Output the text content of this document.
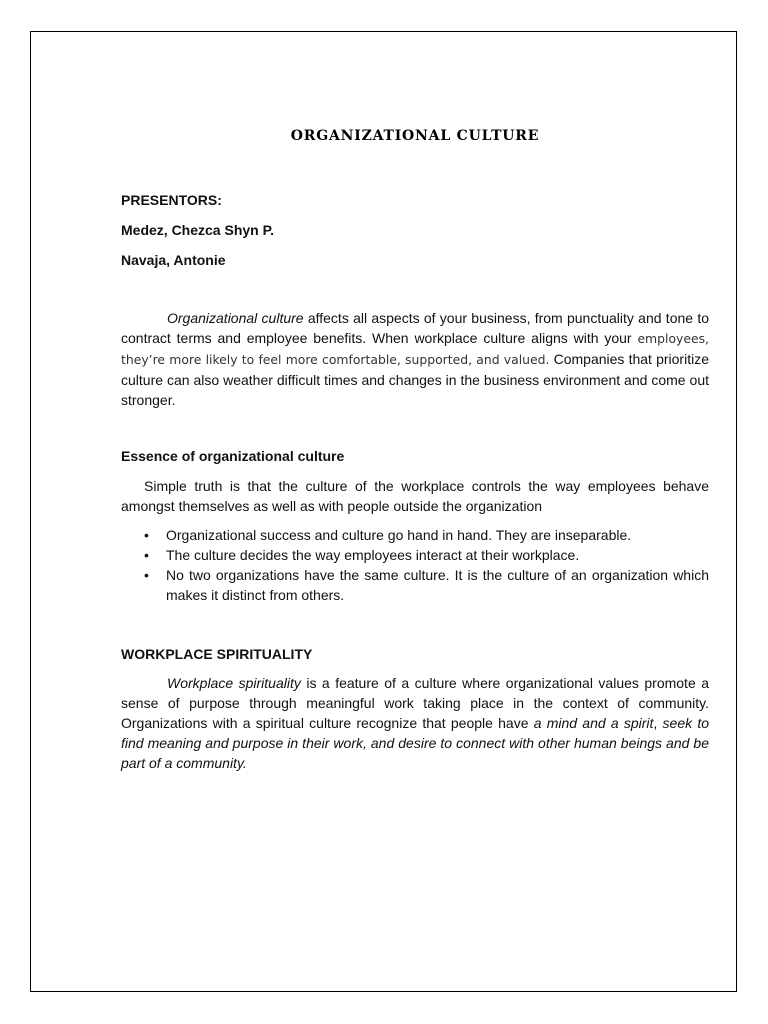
ORGANIZATIONAL CULTURE
PRESENTORS:
Medez, Chezca Shyn P.
Navaja, Antonie

Organizational culture affects all aspects of your business, from punctuality and tone to contract terms and employee benefits. When workplace culture aligns with your employees, they’re more likely to feel more comfortable, supported, and valued. Companies that prioritize culture can also weather difficult times and changes in the business environment and come out stronger.

Essence of organizational culture

Simple truth is that the culture of the workplace controls the way employees behave amongst themselves as well as with people outside the organization

• Organizational success and culture go hand in hand. They are inseparable.
• The culture decides the way employees interact at their workplace.
• No two organizations have the same culture. It is the culture of an organization which makes it distinct from others.
WORKPLACE SPIRITUALITY

Workplace spirituality is a feature of a culture where organizational values promote a sense of purpose through meaningful work taking place in the context of community. Organizations with a spiritual culture recognize that people have a mind and a spirit, seek to find meaning and purpose in their work, and desire to connect with other human beings and be part of a community.
